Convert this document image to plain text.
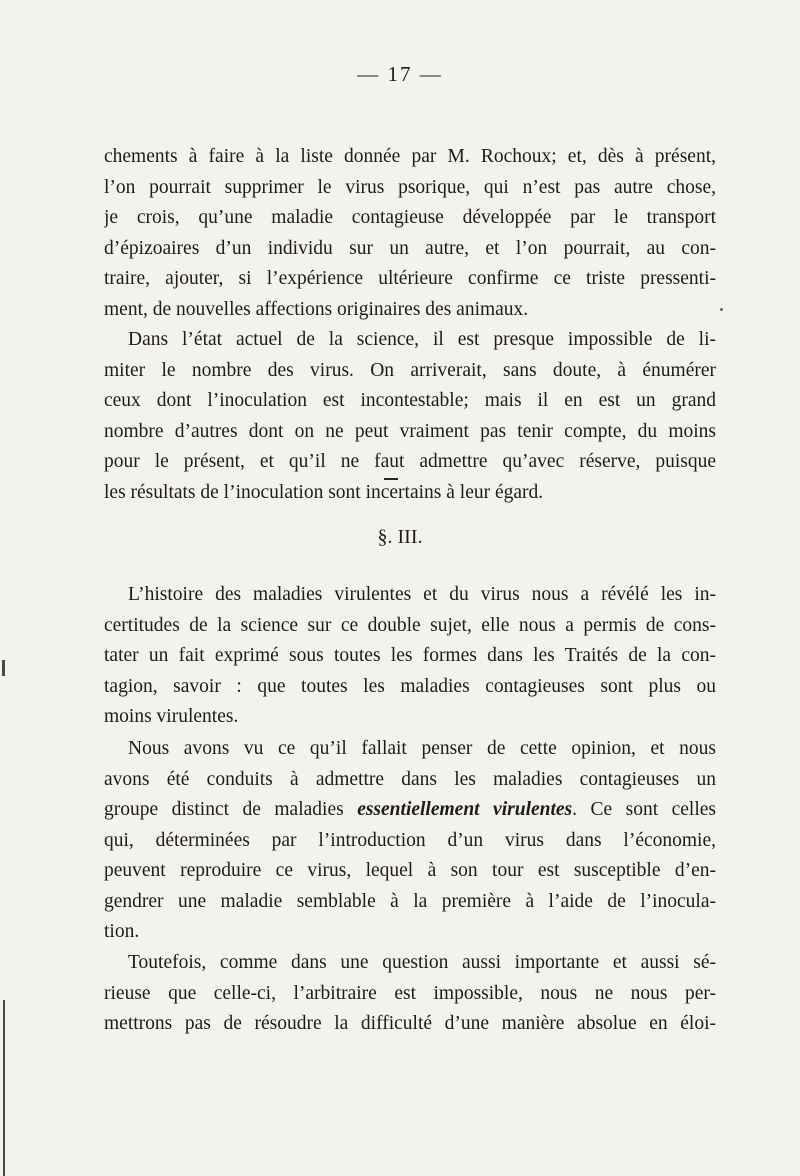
— 17 —

chements à faire à la liste donnée par M. Rochoux; et, dès à présent,
l’on pourrait supprimer le virus psorique, qui n’est pas autre chose,
je crois, qu’une maladie contagieuse développée par le transport
d’épizoaires d’un individu sur un autre, et l’on pourrait, au con-
traire, ajouter, si l’expérience ultérieure confirme ce triste pressenti-
ment, de nouvelles affections originaires des animaux.

Dans l’état actuel de la science, il est presque impossible de li-
miter le nombre des virus. On arriverait, sans doute, à énumérer
ceux dont l’inoculation est incontestable; mais il en est un grand
nombre d’autres dont on ne peut vraiment pas tenir compte, du moins
pour le présent, et qu’il ne faut admettre qu’avec réserve, puisque
les résultats de l’inoculation sont incertains à leur égard.

§. III.

L’histoire des maladies virulentes et du virus nous a révélé les in-
certitudes de la science sur ce double sujet, elle nous a permis de cons-
tater un fait exprimé sous toutes les formes dans les Traités de la con-
tagion, savoir : que toutes les maladies contagieuses sont plus ou
moins virulentes.

Nous avons vu ce qu’il fallait penser de cette opinion, et nous
avons été conduits à admettre dans les maladies contagieuses un
groupe distinct de maladies essentiellement virulentes. Ce sont celles
qui, déterminées par l’introduction d’un virus dans l’économie,
peuvent reproduire ce virus, lequel à son tour est susceptible d’en-
gendrer une maladie semblable à la première à l’aide de l’inocula-
tion.

Toutefois, comme dans une question aussi importante et aussi sé-
rieuse que celle-ci, l’arbitraire est impossible, nous ne nous per-
mettrons pas de résoudre la difficulté d’une manière absolue en éloi-
